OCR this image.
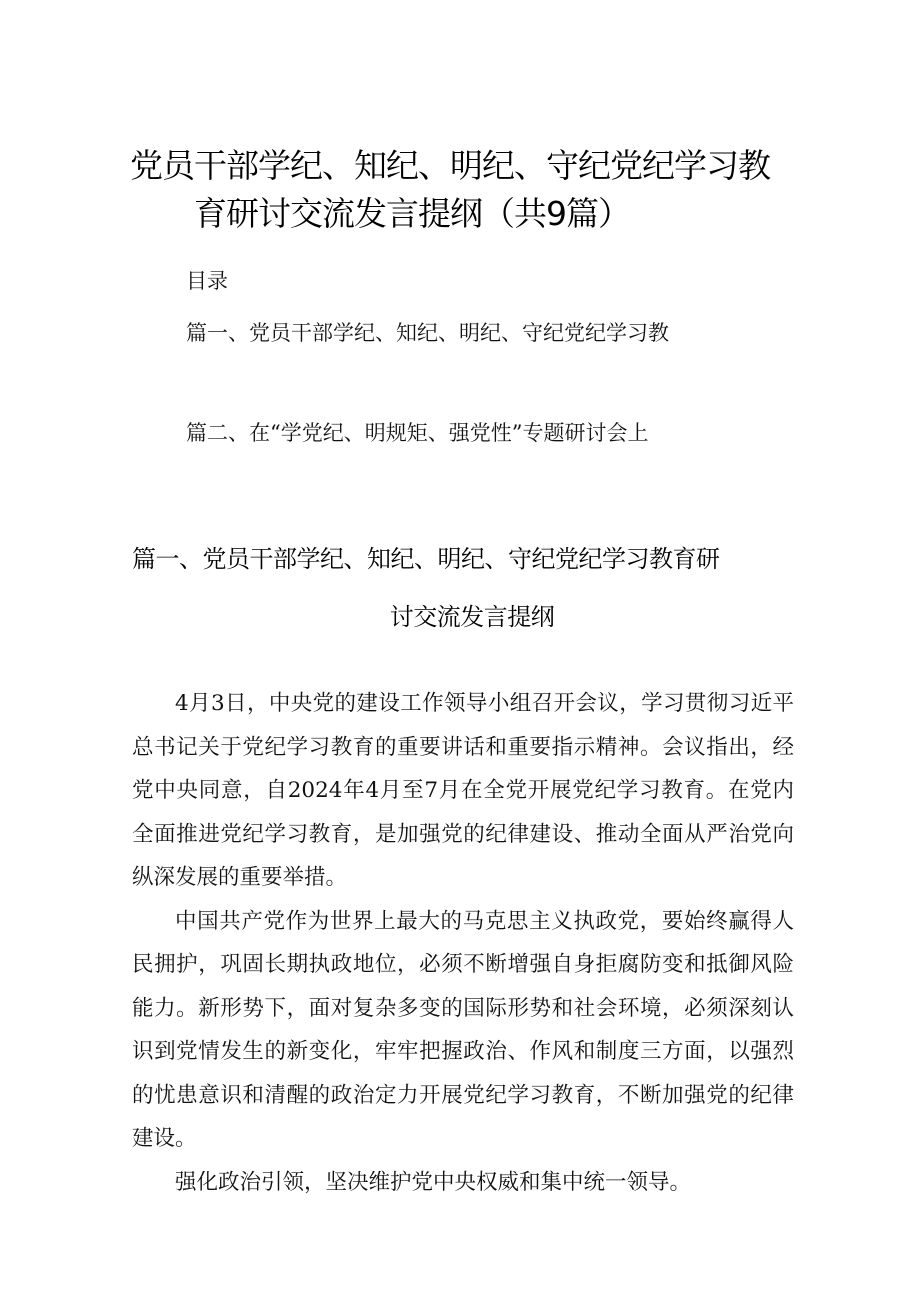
党员干部学纪、知纪、明纪、守纪党纪学习教
育研讨交流发言提纲（共9篇）
目录
篇一、党员干部学纪、知纪、明纪、守纪党纪学习教
篇二、在“学党纪、明规矩、强党性”专题研讨会上
篇一、党员干部学纪、知纪、明纪、守纪党纪学习教育研
讨交流发言提纲

4月3日，中央党的建设工作领导小组召开会议，学习贯彻习近平总书记关于党纪学习教育的重要讲话和重要指示精神。会议指出，经党中央同意，自2024年4月至7月在全党开展党纪学习教育。在党内全面推进党纪学习教育，是加强党的纪律建设、推动全面从严治党向纵深发展的重要举措。

中国共产党作为世界上最大的马克思主义执政党，要始终赢得人民拥护，巩固长期执政地位，必须不断增强自身拒腐防变和抵御风险能力。新形势下，面对复杂多变的国际形势和社会环境，必须深刻认识到党情发生的新变化，牢牢把握政治、作风和制度三方面，以强烈的忧患意识和清醒的政治定力开展党纪学习教育，不断加强党的纪律建设。

强化政治引领，坚决维护党中央权威和集中统一领导。
